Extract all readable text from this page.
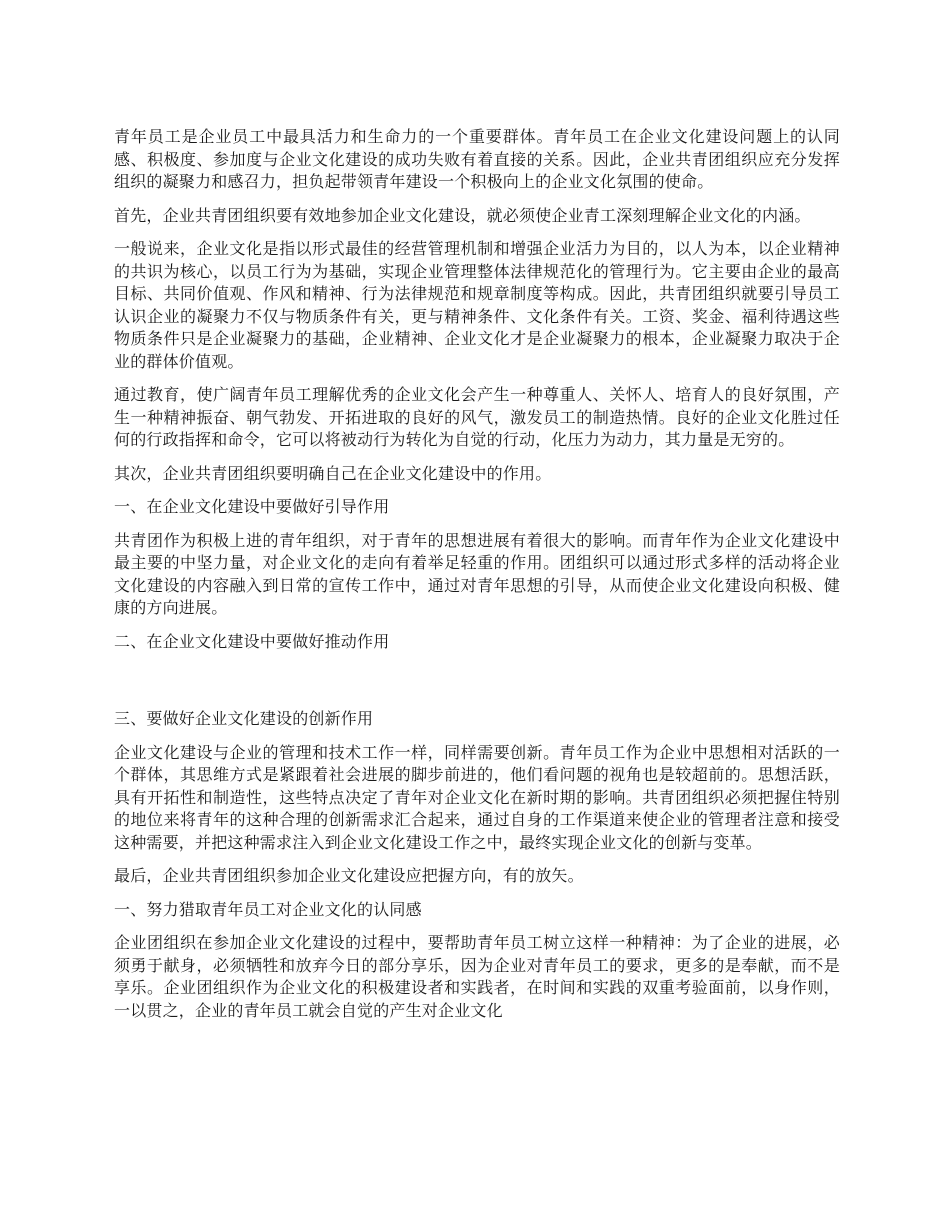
青年员工是企业员工中最具活力和生命力的一个重要群体。青年员工在企业文化建设问题上的认同感、积极度、参加度与企业文化建设的成功失败有着直接的关系。因此，企业共青团组织应充分发挥组织的凝聚力和感召力，担负起带领青年建设一个积极向上的企业文化氛围的使命。

首先，企业共青团组织要有效地参加企业文化建设，就必须使企业青工深刻理解企业文化的内涵。

一般说来，企业文化是指以形式最佳的经营管理机制和增强企业活力为目的，以人为本，以企业精神的共识为核心，以员工行为为基础，实现企业管理整体法律规范化的管理行为。它主要由企业的最高目标、共同价值观、作风和精神、行为法律规范和规章制度等构成。因此，共青团组织就要引导员工认识企业的凝聚力不仅与物质条件有关，更与精神条件、文化条件有关。工资、奖金、福利待遇这些物质条件只是企业凝聚力的基础，企业精神、企业文化才是企业凝聚力的根本，企业凝聚力取决于企业的群体价值观。

通过教育，使广阔青年员工理解优秀的企业文化会产生一种尊重人、关怀人、培育人的良好氛围，产生一种精神振奋、朝气勃发、开拓进取的良好的风气，激发员工的制造热情。良好的企业文化胜过任何的行政指挥和命令，它可以将被动行为转化为自觉的行动，化压力为动力，其力量是无穷的。

其次，企业共青团组织要明确自己在企业文化建设中的作用。

一、在企业文化建设中要做好引导作用

共青团作为积极上进的青年组织，对于青年的思想进展有着很大的影响。而青年作为企业文化建设中最主要的中坚力量，对企业文化的走向有着举足轻重的作用。团组织可以通过形式多样的活动将企业文化建设的内容融入到日常的宣传工作中，通过对青年思想的引导，从而使企业文化建设向积极、健康的方向进展。

二、在企业文化建设中要做好推动作用

三、要做好企业文化建设的创新作用

企业文化建设与企业的管理和技术工作一样，同样需要创新。青年员工作为企业中思想相对活跃的一个群体，其思维方式是紧跟着社会进展的脚步前进的，他们看问题的视角也是较超前的。思想活跃，具有开拓性和制造性，这些特点决定了青年对企业文化在新时期的影响。共青团组织必须把握住特别的地位来将青年的这种合理的创新需求汇合起来，通过自身的工作渠道来使企业的管理者注意和接受这种需要，并把这种需求注入到企业文化建设工作之中，最终实现企业文化的创新与变革。

最后，企业共青团组织参加企业文化建设应把握方向，有的放矢。

一、努力猎取青年员工对企业文化的认同感

企业团组织在参加企业文化建设的过程中，要帮助青年员工树立这样一种精神：为了企业的进展，必须勇于献身，必须牺牲和放弃今日的部分享乐，因为企业对青年员工的要求，更多的是奉献，而不是享乐。企业团组织作为企业文化的积极建设者和实践者，在时间和实践的双重考验面前，以身作则，一以贯之，企业的青年员工就会自觉的产生对企业文化
